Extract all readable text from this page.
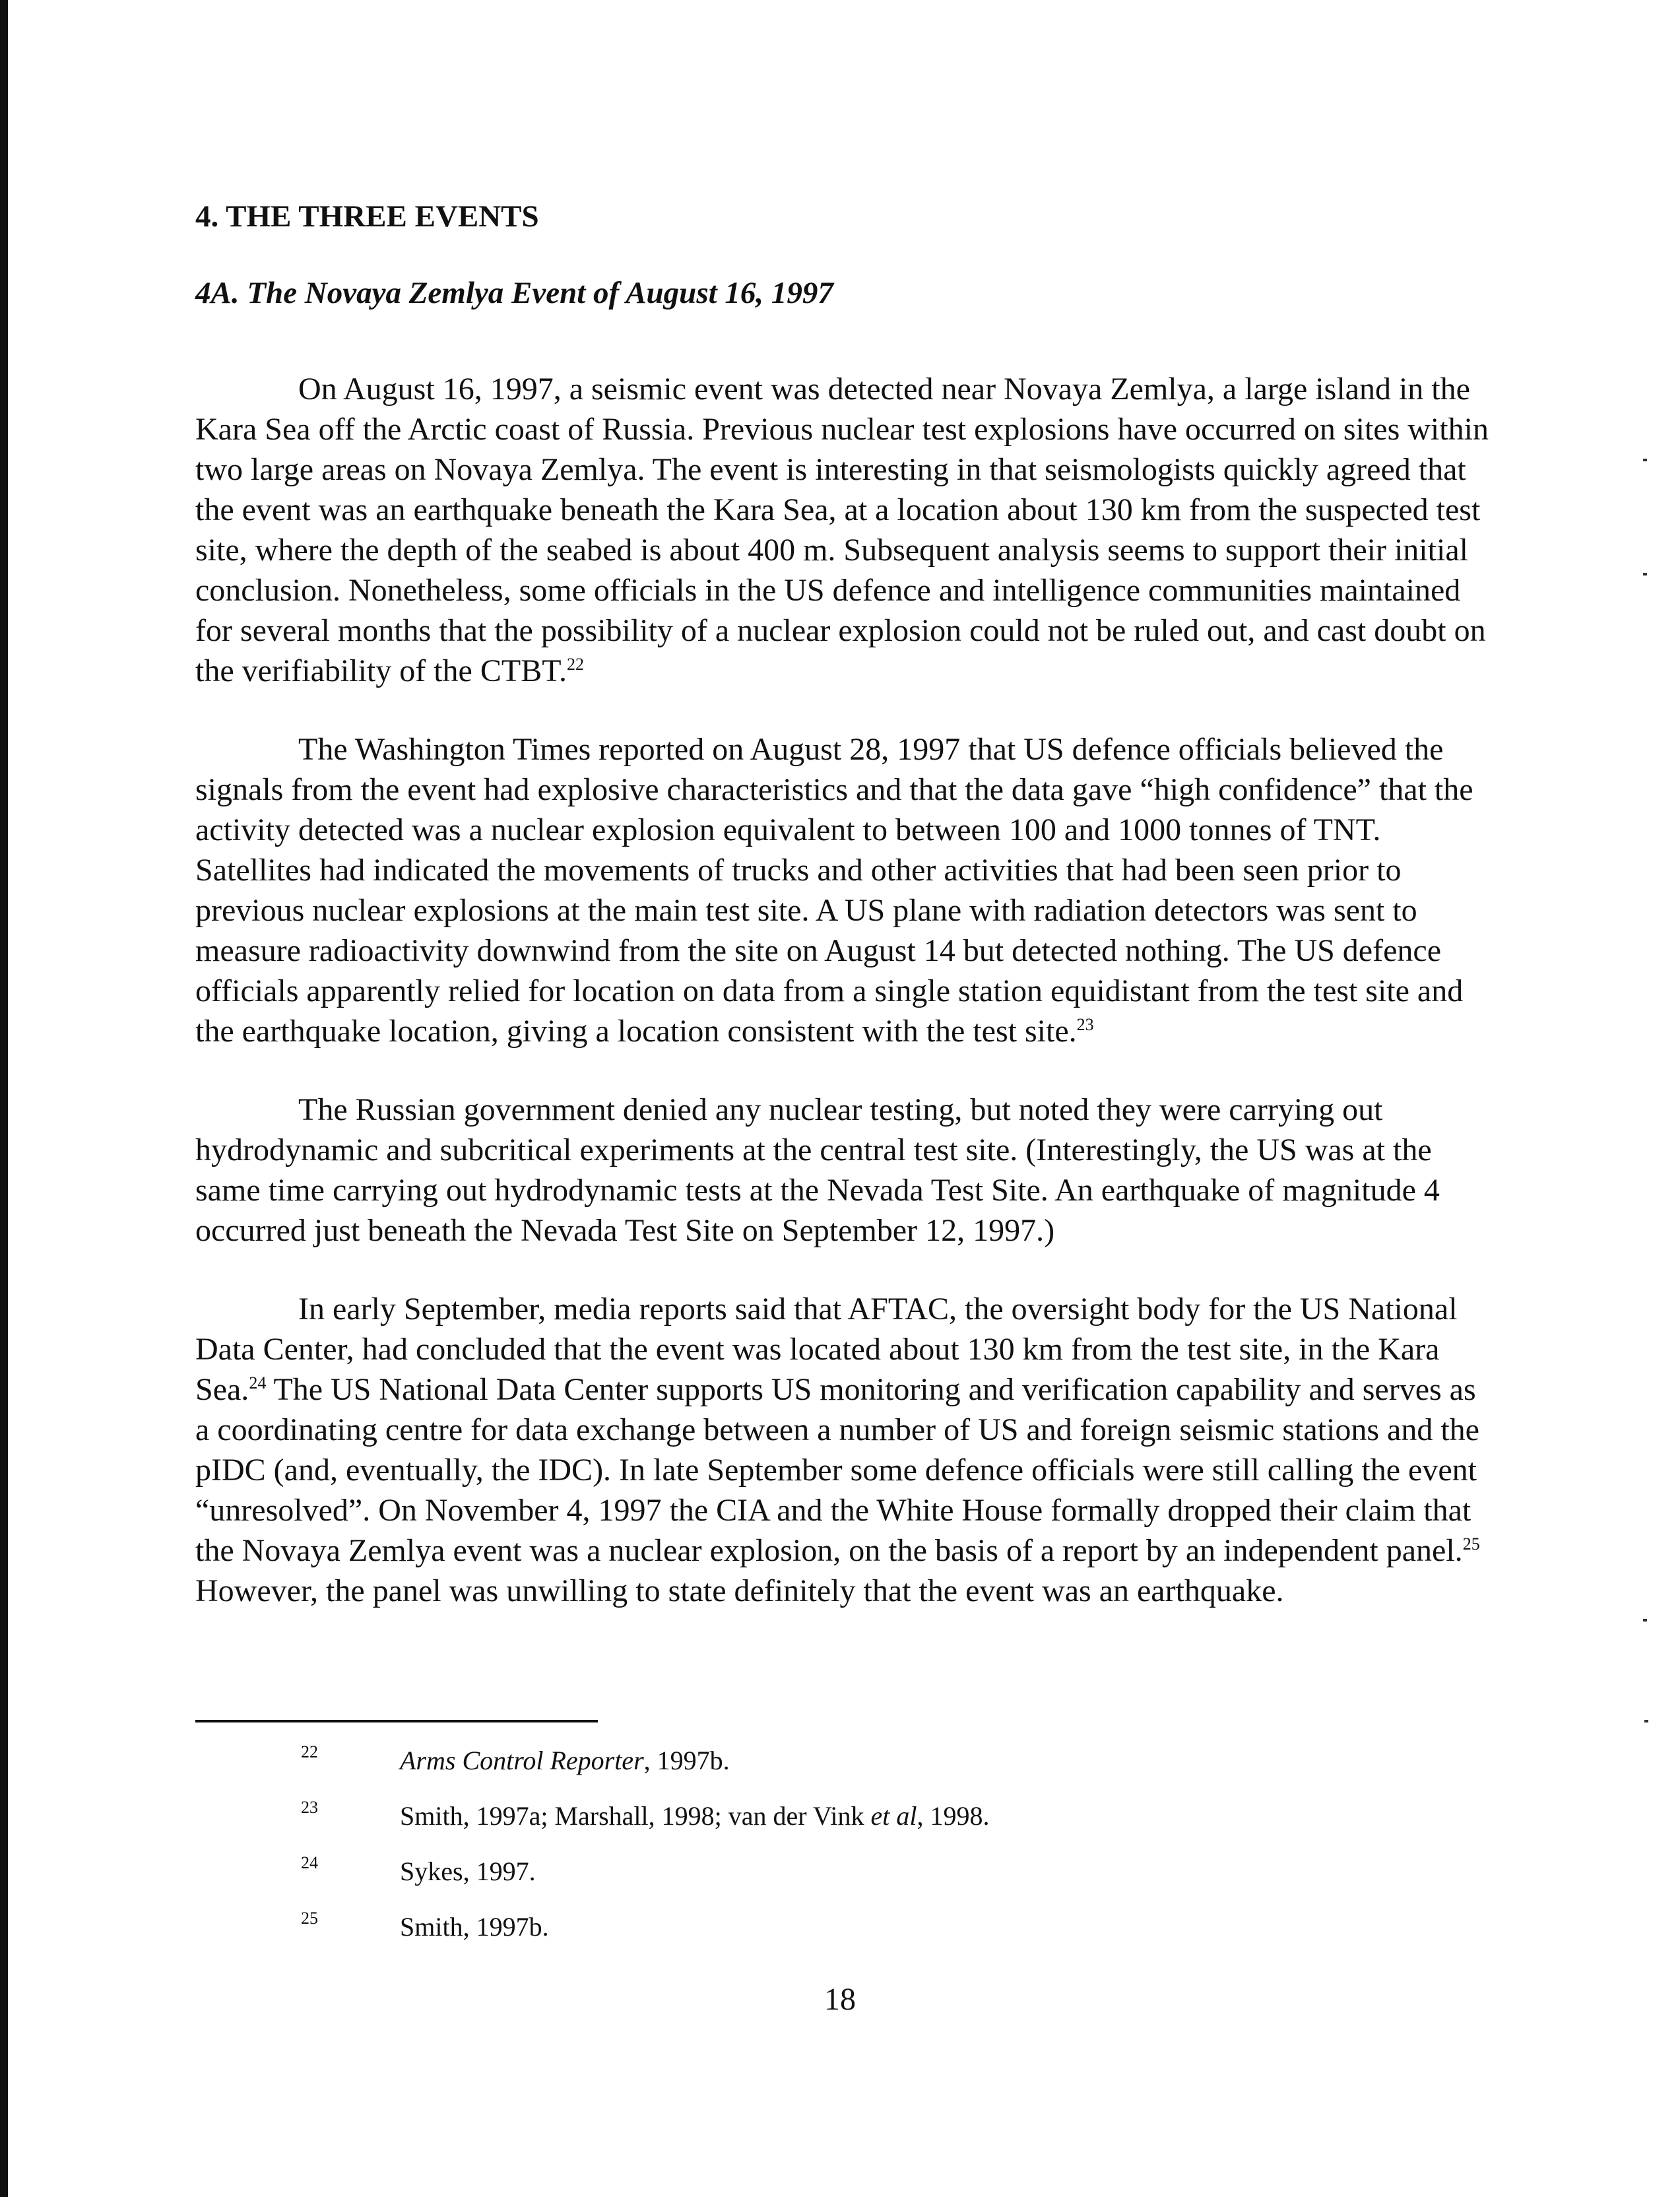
4. THE THREE EVENTS
4A. The Novaya Zemlya Event of August 16, 1997

On August 16, 1997, a seismic event was detected near Novaya Zemlya, a large island in the Kara Sea off the Arctic coast of Russia. Previous nuclear test explosions have occurred on sites within two large areas on Novaya Zemlya. The event is interesting in that seismologists quickly agreed that the event was an earthquake beneath the Kara Sea, at a location about 130 km from the suspected test site, where the depth of the seabed is about 400 m. Subsequent analysis seems to support their initial conclusion. Nonetheless, some officials in the US defence and intelligence communities maintained for several months that the possibility of a nuclear explosion could not be ruled out, and cast doubt on the verifiability of the CTBT.$^{22}$

The Washington Times reported on August 28, 1997 that US defence officials believed the signals from the event had explosive characteristics and that the data gave “high confidence” that the activity detected was a nuclear explosion equivalent to between 100 and 1000 tonnes of TNT. Satellites had indicated the movements of trucks and other activities that had been seen prior to previous nuclear explosions at the main test site. A US plane with radiation detectors was sent to measure radioactivity downwind from the site on August 14 but detected nothing. The US defence officials apparently relied for location on data from a single station equidistant from the test site and the earthquake location, giving a location consistent with the test site.$^{23}$

The Russian government denied any nuclear testing, but noted they were carrying out hydrodynamic and subcritical experiments at the central test site. (Interestingly, the US was at the same time carrying out hydrodynamic tests at the Nevada Test Site. An earthquake of magnitude 4 occurred just beneath the Nevada Test Site on September 12, 1997.)

In early September, media reports said that AFTAC, the oversight body for the US National Data Center, had concluded that the event was located about 130 km from the test site, in the Kara Sea.$^{24}$ The US National Data Center supports US monitoring and verification capability and serves as a coordinating centre for data exchange between a number of US and foreign seismic stations and the pIDC (and, eventually, the IDC). In late September some defence officials were still calling the event “unresolved”. On November 4, 1997 the CIA and the White House formally dropped their claim that the Novaya Zemlya event was a nuclear explosion, on the basis of a report by an independent panel.$^{25}$ However, the panel was unwilling to state definitely that the event was an earthquake.

22	Arms Control Reporter, 1997b.
23	Smith, 1997a; Marshall, 1998; van der Vink et al, 1998.
24	Sykes, 1997.
25	Smith, 1997b.
18
